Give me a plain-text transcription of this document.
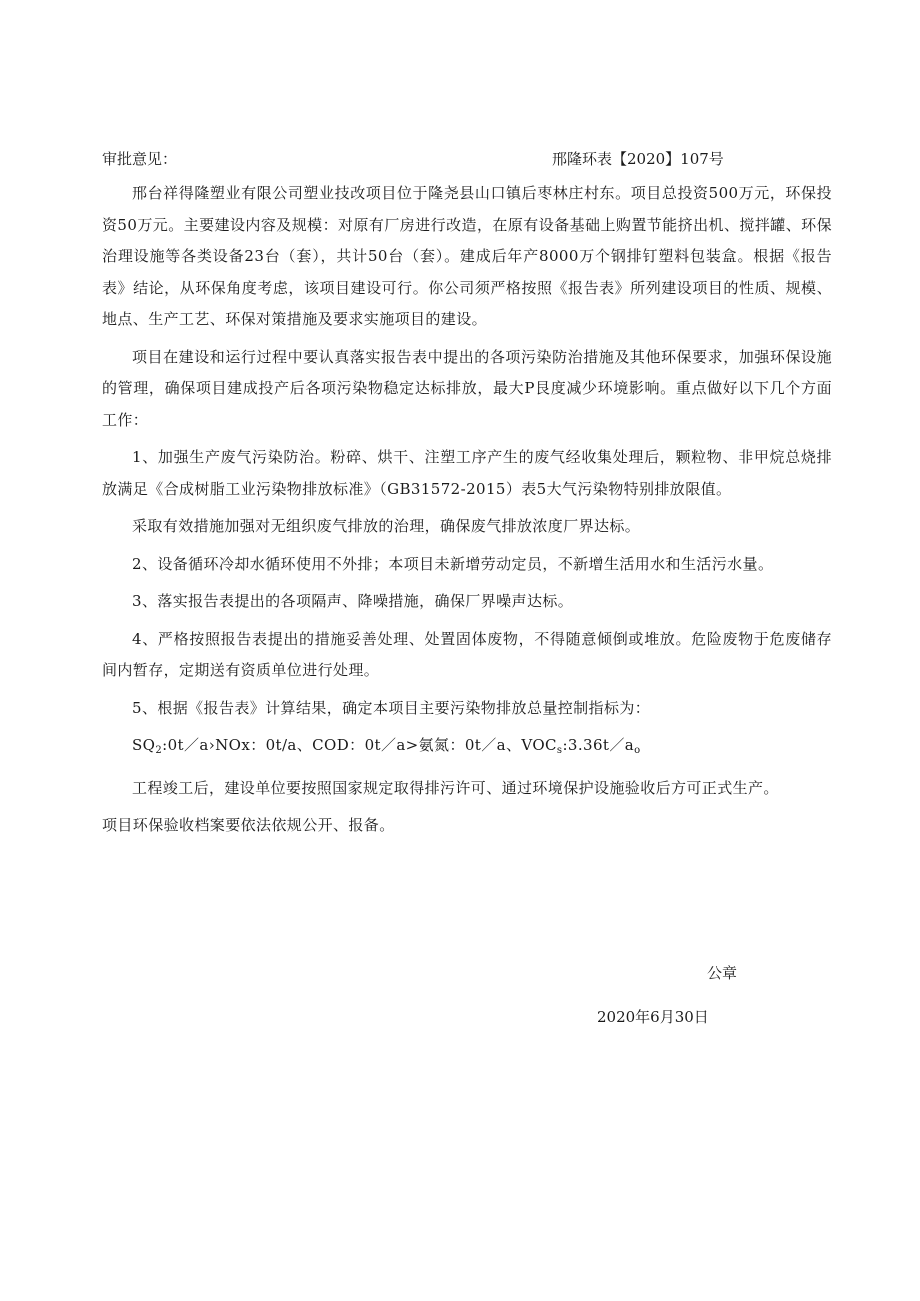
审批意见：	邢隆环表【2020】107号

邢台祥得隆塑业有限公司塑业技改项目位于隆尧县山口镇后枣林庄村东。项目总投资500万元，环保投资50万元。主要建设内容及规模：对原有厂房进行改造，在原有设备基础上购置节能挤出机、搅拌罐、环保治理设施等各类设备23台（套），共计50台（套）。建成后年产8000万个钢排钉塑料包装盒。根据《报告表》结论，从环保角度考虑，该项目建设可行。你公司须严格按照《报告表》所列建设项目的性质、规模、地点、生产工艺、环保对策措施及要求实施项目的建设。

项目在建设和运行过程中要认真落实报告表中提出的各项污染防治措施及其他环保要求，加强环保设施的管理，确保项目建成投产后各项污染物稳定达标排放，最大P艮度减少环境影响。重点做好以下几个方面工作：

1、加强生产废气污染防治。粉碎、烘干、注塑工序产生的废气经收集处理后，颗粒物、非甲烷总烧排放满足《合成树脂工业污染物排放标准》（GB31572-2015）表5大气污染物特别排放限值。

采取有效措施加强对无组织废气排放的治理，确保废气排放浓度厂界达标。

2、设备循环冷却水循环使用不外排；本项目未新增劳动定员，不新增生活用水和生活污水量。

3、落实报告表提出的各项隔声、降噪措施，确保厂界噪声达标。

4、严格按照报告表提出的措施妥善处理、处置固体废物，不得随意倾倒或堆放。危险废物于危废储存间内暂存，定期送有资质单位进行处理。

5、根据《报告表》计算结果，确定本项目主要污染物排放总量控制指标为：

$SQ_2:0t/a›NOx$：0t/a、COD：0t／a>氨氮：0t／a、$VOC_s:3.36t/a_o$

工程竣工后，建设单位要按照国家规定取得排污许可、通过环境保护设施验收后方可正式生产。

项目环保验收档案要依法依规公开、报备。

公章
2020年6月30日
